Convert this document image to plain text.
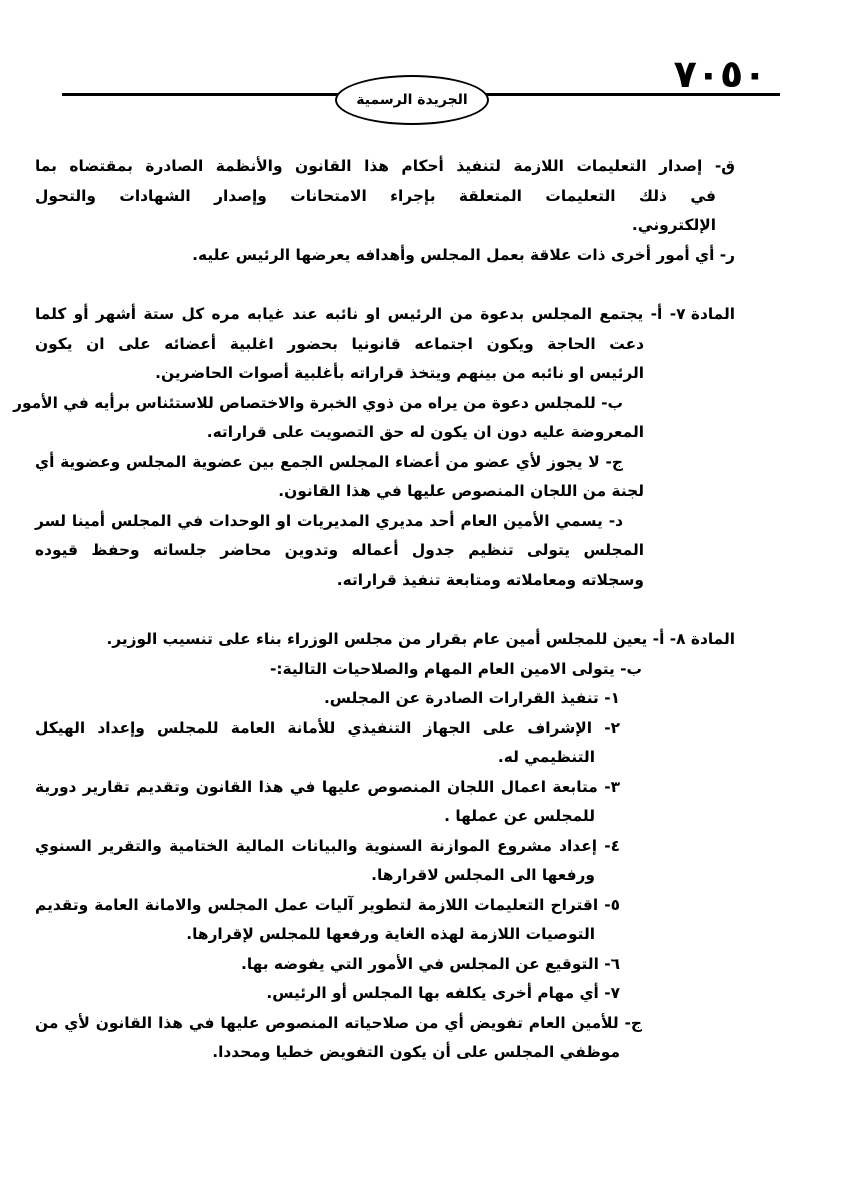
٧٠٥٠
الجريدة الرسمية
ق- إصدار التعليمات اللازمة لتنفيذ أحكام هذا القانون والأنظمة الصادرة بمقتضاه بما
في ذلك التعليمات المتعلقة بإجراء الامتحانات وإصدار الشهادات والتحول
الإلكتروني.
ر- أي أمور أخرى ذات علاقة بعمل المجلس وأهدافه يعرضها الرئيس عليه.
المادة ٧- أ- يجتمع المجلس بدعوة من الرئيس او نائبه عند غيابه مره كل ستة أشهر أو كلما
دعت الحاجة ويكون اجتماعه قانونيا بحضور اغلبية أعضائه على ان يكون
الرئيس او نائبه من بينهم ويتخذ قراراته بأغلبية أصوات الحاضرين.
ب- للمجلس دعوة من يراه من ذوي الخبرة والاختصاص للاستئناس برأيه في الأمور
المعروضة عليه دون ان يكون له حق التصويت على قراراته.
ج- لا يجوز لأي عضو من أعضاء المجلس الجمع بين عضوية المجلس وعضوية أي
لجنة من اللجان المنصوص عليها في هذا القانون.
د- يسمي الأمين العام أحد مديري المديريات او الوحدات في المجلس أمينا لسر
المجلس يتولى تنظيم جدول أعماله وتدوين محاضر جلساته وحفظ قيوده
وسجلاته ومعاملاته ومتابعة تنفيذ قراراته.
المادة ٨- أ- يعين للمجلس أمين عام بقرار من مجلس الوزراء بناء على تنسيب الوزير.
ب- يتولى الامين العام المهام والصلاحيات التالية:-
١- تنفيذ القرارات الصادرة عن المجلس.
٢- الإشراف على الجهاز التنفيذي للأمانة العامة للمجلس وإعداد الهيكل
التنظيمي له.
٣- متابعة اعمال اللجان المنصوص عليها في هذا القانون وتقديم تقارير دورية
للمجلس عن عملها .
٤- إعداد مشروع الموازنة السنوية والبيانات المالية الختامية والتقرير السنوي
ورفعها الى المجلس لاقرارها.
٥- اقتراح التعليمات اللازمة لتطوير آليات عمل المجلس والامانة العامة وتقديم
التوصيات اللازمة لهذه الغاية ورفعها للمجلس لإقرارها.
٦- التوقيع عن المجلس في الأمور التي يفوضه بها.
٧- أي مهام أخرى يكلفه بها المجلس أو الرئيس.
ج- للأمين العام تفويض أي من صلاحياته المنصوص عليها في هذا القانون لأي من
موظفي المجلس على أن يكون التفويض خطيا ومحددا.
